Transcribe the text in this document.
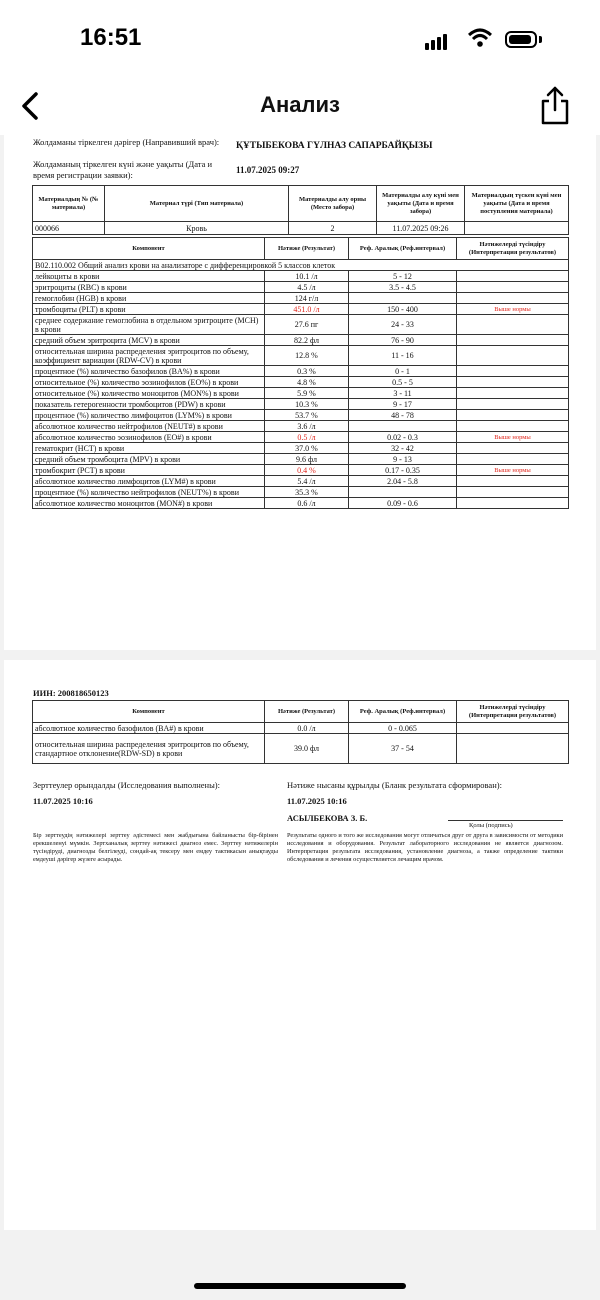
16:51
Анализ
Жолдаманы тіркелген дәрігер (Направивший врач):	ҚҰТЫБЕКОВА ГҮЛНАЗ САПАРБАЙҚЫЗЫ
Жолдаманың тіркелген күні және уақыты (Дата и время регистрации заявки):	11.07.2025 09:27
Материалдың № (№ материала)	Материал түрі (Тип материала)	Материалды алу орны (Место забора)	Материалды алу күні мен уақыты (Дата и время забора)	Материалдың түскен күні мен уақыты (Дата и время поступления материала)
000066	Кровь	2	11.07.2025 09:26	
Компонент	Нәтиже (Результат)	Реф. Аралық (Реф.интервал)	Нәтижелерді түсіндіру (Интерпретация результатов)
В02.110.002 Общий анализ крови на анализаторе с дифференцировкой 5 классов клеток			
лейкоциты в крови	10.1 /л	5 - 12	
эритроциты (RBC) в крови	4.5 /л	3.5 - 4.5	
гемоглобин (HGB) в крови	124 г/л		
тромбоциты (PLT) в крови	451.0 /л	150 - 400	Выше нормы
среднее содержание гемоглобина в отдельном эритроците (MCH) в крови	27.6 пг	24 - 33	
средний объем эритроцита (MCV) в крови	82.2 фл	76 - 90	
относительная ширина распределения эритроцитов по объему, коэффициент вариации (RDW-CV) в крови	12.8 %	11 - 16	
процентное (%) количество базофилов (BA%) в крови	0.3 %	0 - 1	
относительное (%) количество эозинофилов (EO%) в крови	4.8 %	0.5 - 5	
относительное (%) количество моноцитов (MON%) в крови	5.9 %	3 - 11	
показатель гетерогенности тромбоцитов (PDW) в крови	10.3 %	9 - 17	
процентное (%) количество лимфоцитов (LYM%) в крови	53.7 %	48 - 78	
абсолютное количество нейтрофилов (NEUT#) в крови	3.6 /л		
абсолютное количество эозинофилов (EO#) в крови	0.5 /л	0.02 - 0.3	Выше нормы
гематокрит (HCT) в крови	37.0 %	32 - 42	
средний объем тромбоцита (MPV) в крови	9.6 фл	9 - 13	
тромбокрит (PCT) в крови	0.4 %	0.17 - 0.35	Выше нормы
абсолютное количество лимфоцитов (LYM#) в крови	5.4 /л	2.04 - 5.8	
процентное (%) количество нейтрофилов (NEUT%) в крови	35.3 %		
абсолютное количество моноцитов (MON#) в крови	0.6 /л	0.09 - 0.6	
ИИН: 200818650123
Компонент	Нәтиже (Результат)	Реф. Аралық (Реф.интервал)	Нәтижелерді түсіндіру (Интерпретация результатов)
абсолютное количество базофилов (BA#) в крови	0.0 /л	0 - 0.065	
относительная ширина распределения эритроцитов по объему, стандартное отклонение(RDW-SD) в крови	39.0 фл	37 - 54	
Зерттеулер орындалды (Исследования выполнены):
11.07.2025 10:16
Нәтиже нысаны құрылды (Бланк результата сформирован):
11.07.2025 10:16
АСЫЛБЕКОВА З. Б.
Қолы (подпись)
Бір зерттеудің нәтижелері зерттеу әдістемесі мен жабдығына байланысты бір-бірінен ерекшеленуі мүмкін. Зертханалық зерттеу нәтижесі диагноз емес. Зерттеу нәтижелерін түсіндіруді, диагнозды белгілеуді, сондай-ақ тексеру мен емдеу тактикасын анықтауды емдеуші дәрігер жүзеге асырады.
Результаты одного и того же исследования могут отличаться друг от друга в зависимости от методики исследования и оборудования. Результат лабораторного исследования не является диагнозом. Интерпретация результата исследования, установление диагноза, а также определение тактики обследования и лечения осуществляется лечащим врачом.
